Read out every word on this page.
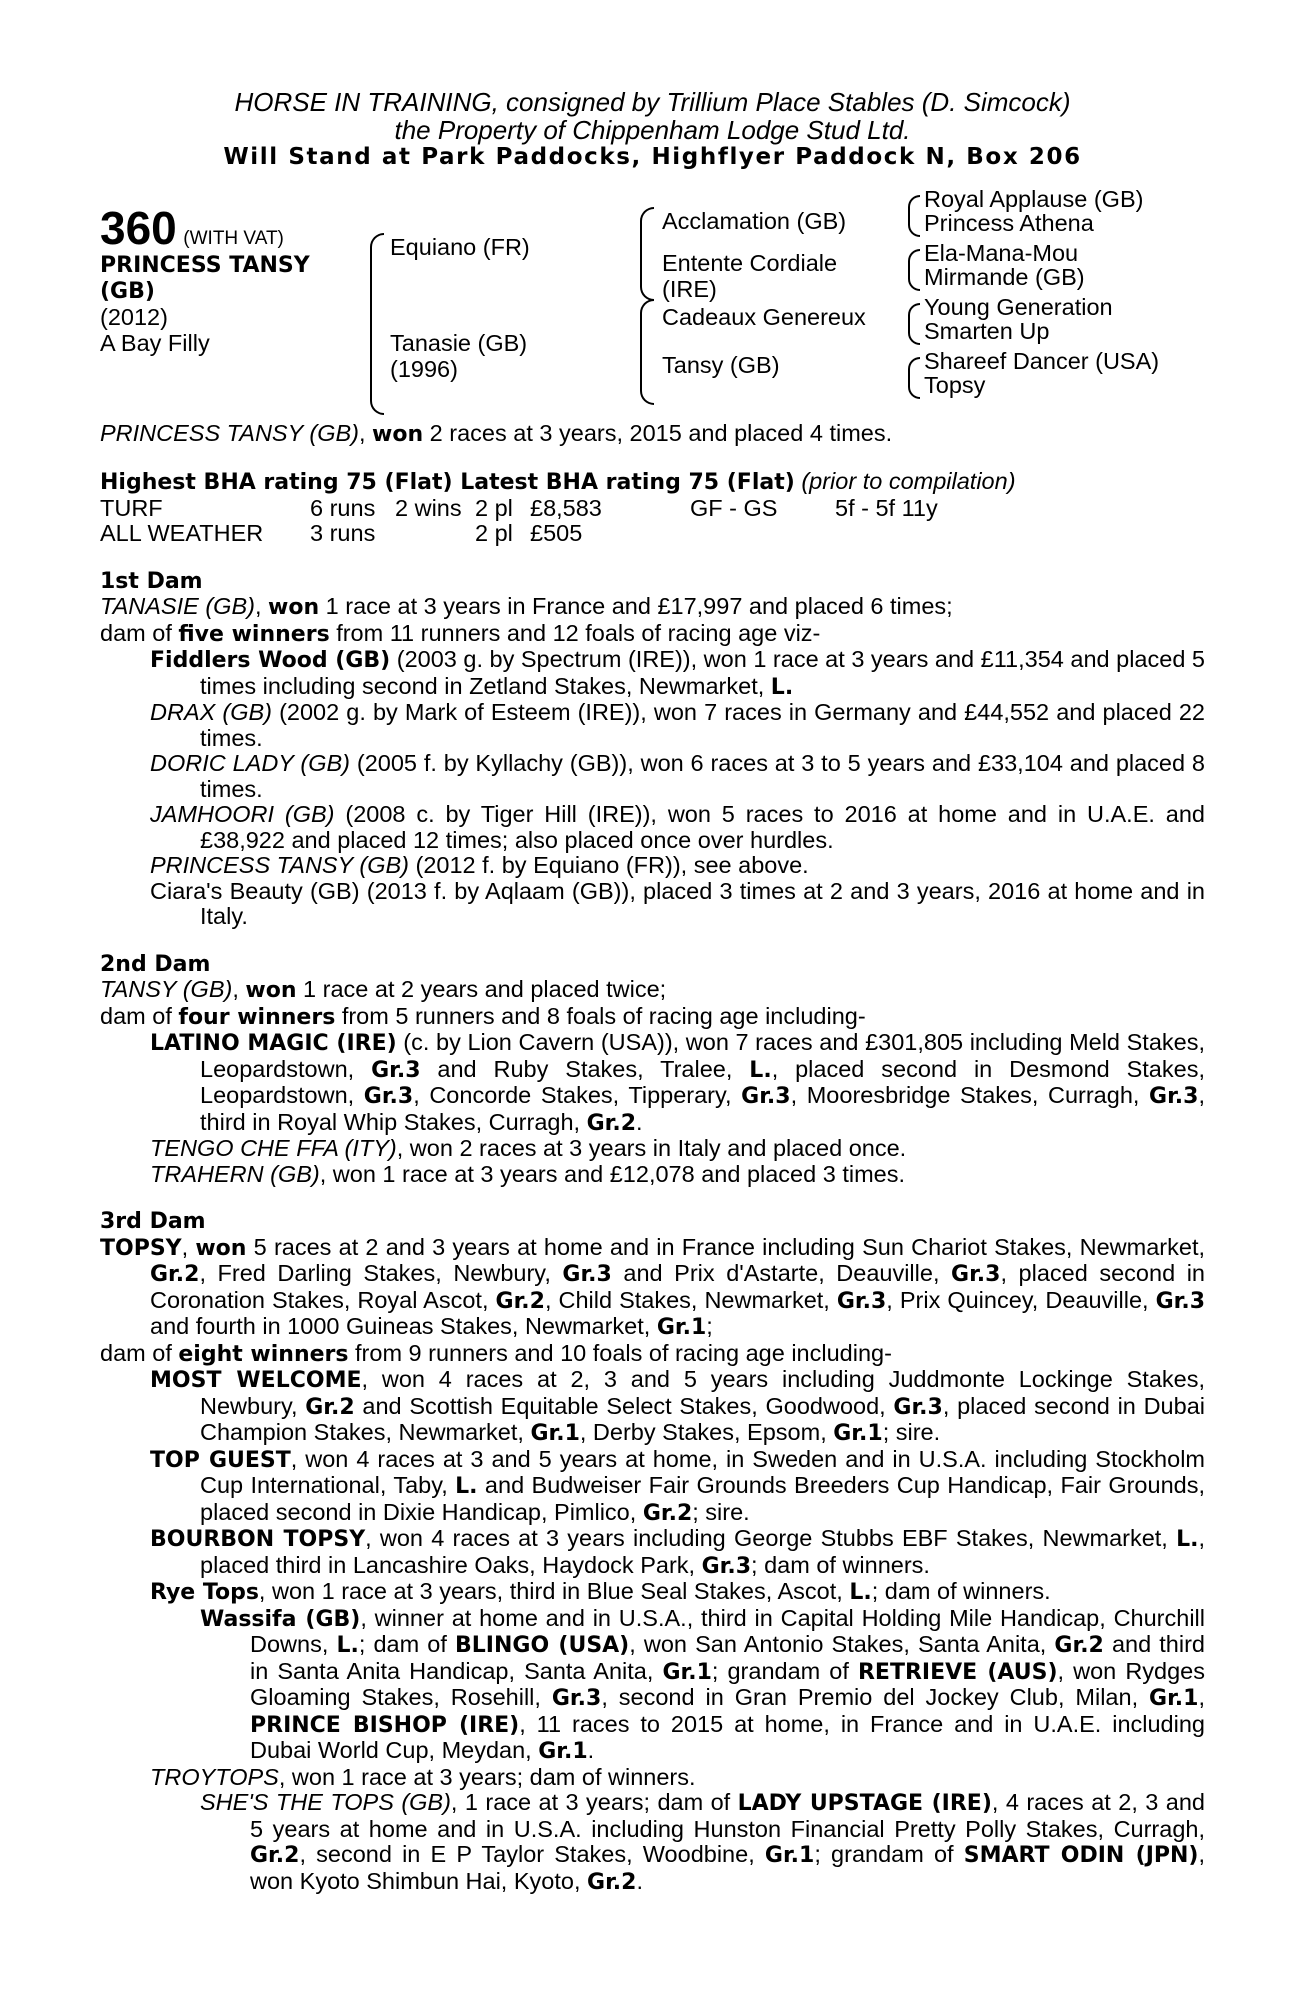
HORSE IN TRAINING, consigned by Trillium Place Stables (D. Simcock)
the Property of Chippenham Lodge Stud Ltd.
Will Stand at Park Paddocks, Highflyer Paddock N, Box 206
360 (WITH VAT)
PRINCESS TANSY
(GB)
(2012)
A Bay Filly
Equiano (FR)
Tanasie (GB)
(1996)
Acclamation (GB)
Entente Cordiale
(IRE)
Cadeaux Genereux
Tansy (GB)
Royal Applause (GB)
Princess Athena
Ela-Mana-Mou
Mirmande (GB)
Young Generation
Smarten Up
Shareef Dancer (USA)
Topsy

PRINCESS TANSY (GB), won 2 races at 3 years, 2015 and placed 4 times.

Highest BHA rating 75 (Flat) Latest BHA rating 75 (Flat) (prior to compilation)

TURF	6 runs 2 wins 2 pl £8,583	GF - GS	5f - 5f 11y
ALL WEATHER	3 runs	2 pl £505
1st Dam

TANASIE (GB), won 1 race at 3 years in France and £17,997 and placed 6 times;

dam of five winners from 11 runners and 12 foals of racing age viz-

Fiddlers Wood (GB) (2003 g. by Spectrum (IRE)), won 1 race at 3 years and £11,354 and placed 5 times including second in Zetland Stakes, Newmarket, L.

DRAX (GB) (2002 g. by Mark of Esteem (IRE)), won 7 races in Germany and £44,552 and placed 22 times.

DORIC LADY (GB) (2005 f. by Kyllachy (GB)), won 6 races at 3 to 5 years and £33,104 and placed 8 times.

JAMHOORI (GB) (2008 c. by Tiger Hill (IRE)), won 5 races to 2016 at home and in U.A.E. and £38,922 and placed 12 times; also placed once over hurdles.

PRINCESS TANSY (GB) (2012 f. by Equiano (FR)), see above.

Ciara's Beauty (GB) (2013 f. by Aqlaam (GB)), placed 3 times at 2 and 3 years, 2016 at home and in Italy.

2nd Dam

TANSY (GB), won 1 race at 2 years and placed twice;

dam of four winners from 5 runners and 8 foals of racing age including-

LATINO MAGIC (IRE) (c. by Lion Cavern (USA)), won 7 races and £301,805 including Meld Stakes, Leopardstown, Gr.3 and Ruby Stakes, Tralee, L., placed second in Desmond Stakes, Leopardstown, Gr.3, Concorde Stakes, Tipperary, Gr.3, Mooresbridge Stakes, Curragh, Gr.3, third in Royal Whip Stakes, Curragh, Gr.2.

TENGO CHE FFA (ITY), won 2 races at 3 years in Italy and placed once.

TRAHERN (GB), won 1 race at 3 years and £12,078 and placed 3 times.

3rd Dam

TOPSY, won 5 races at 2 and 3 years at home and in France including Sun Chariot Stakes, Newmarket, Gr.2, Fred Darling Stakes, Newbury, Gr.3 and Prix d'Astarte, Deauville, Gr.3, placed second in Coronation Stakes, Royal Ascot, Gr.2, Child Stakes, Newmarket, Gr.3, Prix Quincey, Deauville, Gr.3 and fourth in 1000 Guineas Stakes, Newmarket, Gr.1;

dam of eight winners from 9 runners and 10 foals of racing age including-

MOST WELCOME, won 4 races at 2, 3 and 5 years including Juddmonte Lockinge Stakes, Newbury, Gr.2 and Scottish Equitable Select Stakes, Goodwood, Gr.3, placed second in Dubai Champion Stakes, Newmarket, Gr.1, Derby Stakes, Epsom, Gr.1; sire.

TOP GUEST, won 4 races at 3 and 5 years at home, in Sweden and in U.S.A. including Stockholm Cup International, Taby, L. and Budweiser Fair Grounds Breeders Cup Handicap, Fair Grounds, placed second in Dixie Handicap, Pimlico, Gr.2; sire.

BOURBON TOPSY, won 4 races at 3 years including George Stubbs EBF Stakes, Newmarket, L., placed third in Lancashire Oaks, Haydock Park, Gr.3; dam of winners.

Rye Tops, won 1 race at 3 years, third in Blue Seal Stakes, Ascot, L.; dam of winners.

Wassifa (GB), winner at home and in U.S.A., third in Capital Holding Mile Handicap, Churchill Downs, L.; dam of BLINGO (USA), won San Antonio Stakes, Santa Anita, Gr.2 and third in Santa Anita Handicap, Santa Anita, Gr.1; grandam of RETRIEVE (AUS), won Rydges Gloaming Stakes, Rosehill, Gr.3, second in Gran Premio del Jockey Club, Milan, Gr.1, PRINCE BISHOP (IRE), 11 races to 2015 at home, in France and in U.A.E. including Dubai World Cup, Meydan, Gr.1.

TROYTOPS, won 1 race at 3 years; dam of winners.

SHE'S THE TOPS (GB), 1 race at 3 years; dam of LADY UPSTAGE (IRE), 4 races at 2, 3 and 5 years at home and in U.S.A. including Hunston Financial Pretty Polly Stakes, Curragh, Gr.2, second in E P Taylor Stakes, Woodbine, Gr.1; grandam of SMART ODIN (JPN), won Kyoto Shimbun Hai, Kyoto, Gr.2.
